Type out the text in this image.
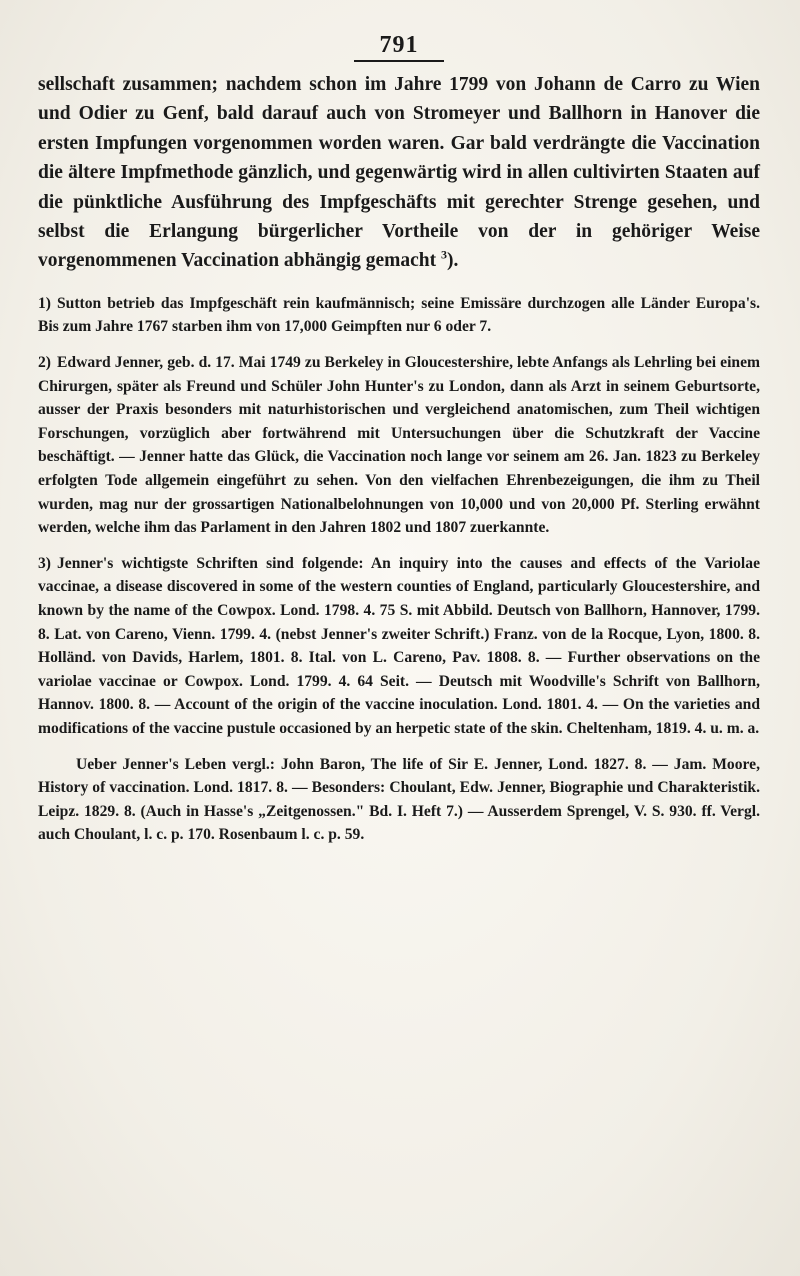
791

sellschaft zusammen; nachdem schon im Jahre 1799 von Johann de Carro zu Wien und Odier zu Genf, bald darauf auch von Stromeyer und Ballhorn in Hanover die ersten Impfungen vorgenommen worden waren. Gar bald verdrängte die Vaccination die ältere Impfmethode gänzlich, und gegenwärtig wird in allen cultivirten Staaten auf die pünktliche Ausführung des Impfgeschäfts mit gerechter Strenge gesehen, und selbst die Erlangung bürgerlicher Vortheile von der in gehöriger Weise vorgenommenen Vaccination abhängig gemacht $^3$).

1) Sutton betrieb das Impfgeschäft rein kaufmännisch; seine Emissäre durchzogen alle Länder Europa's. Bis zum Jahre 1767 starben ihm von 17,000 Geimpften nur 6 oder 7.

2) Edward Jenner, geb. d. 17. Mai 1749 zu Berkeley in Gloucestershire, lebte Anfangs als Lehrling bei einem Chirurgen, später als Freund und Schüler John Hunter's zu London, dann als Arzt in seinem Geburtsorte, ausser der Praxis besonders mit naturhistorischen und vergleichend anatomischen, zum Theil wichtigen Forschungen, vorzüglich aber fortwährend mit Untersuchungen über die Schutzkraft der Vaccine beschäftigt. — Jenner hatte das Glück, die Vaccination noch lange vor seinem am 26. Jan. 1823 zu Berkeley erfolgten Tode allgemein eingeführt zu sehen. Von den vielfachen Ehrenbezeigungen, die ihm zu Theil wurden, mag nur der grossartigen Nationalbelohnungen von 10,000 und von 20,000 Pf. Sterling erwähnt werden, welche ihm das Parlament in den Jahren 1802 und 1807 zuerkannte.

3) Jenner's wichtigste Schriften sind folgende: An inquiry into the causes and effects of the Variolae vaccinae, a disease discovered in some of the western counties of England, particularly Gloucestershire, and known by the name of the Cowpox. Lond. 1798. 4. 75 S. mit Abbild. Deutsch von Ballhorn, Hannover, 1799. 8. Lat. von Careno, Vienn. 1799. 4. (nebst Jenner's zweiter Schrift.) Franz. von de la Rocque, Lyon, 1800. 8. Holländ. von Davids, Harlem, 1801. 8. Ital. von L. Careno, Pav. 1808. 8. — Further observations on the variolae vaccinae or Cowpox. Lond. 1799. 4. 64 Seit. — Deutsch mit Woodville's Schrift von Ballhorn, Hannov. 1800. 8. — Account of the origin of the vaccine inoculation. Lond. 1801. 4. — On the varieties and modifications of the vaccine pustule occasioned by an herpetic state of the skin. Cheltenham, 1819. 4. u. m. a.

Ueber Jenner's Leben vergl.: John Baron, The life of Sir E. Jenner, Lond. 1827. 8. — Jam. Moore, History of vaccination. Lond. 1817. 8. — Besonders: Choulant, Edw. Jenner, Biographie und Charakteristik. Leipz. 1829. 8. (Auch in Hasse's „Zeitgenossen." Bd. I. Heft 7.) — Ausserdem Sprengel, V. S. 930. ff. Vergl. auch Choulant, l. c. p. 170. Rosenbaum l. c. p. 59.
